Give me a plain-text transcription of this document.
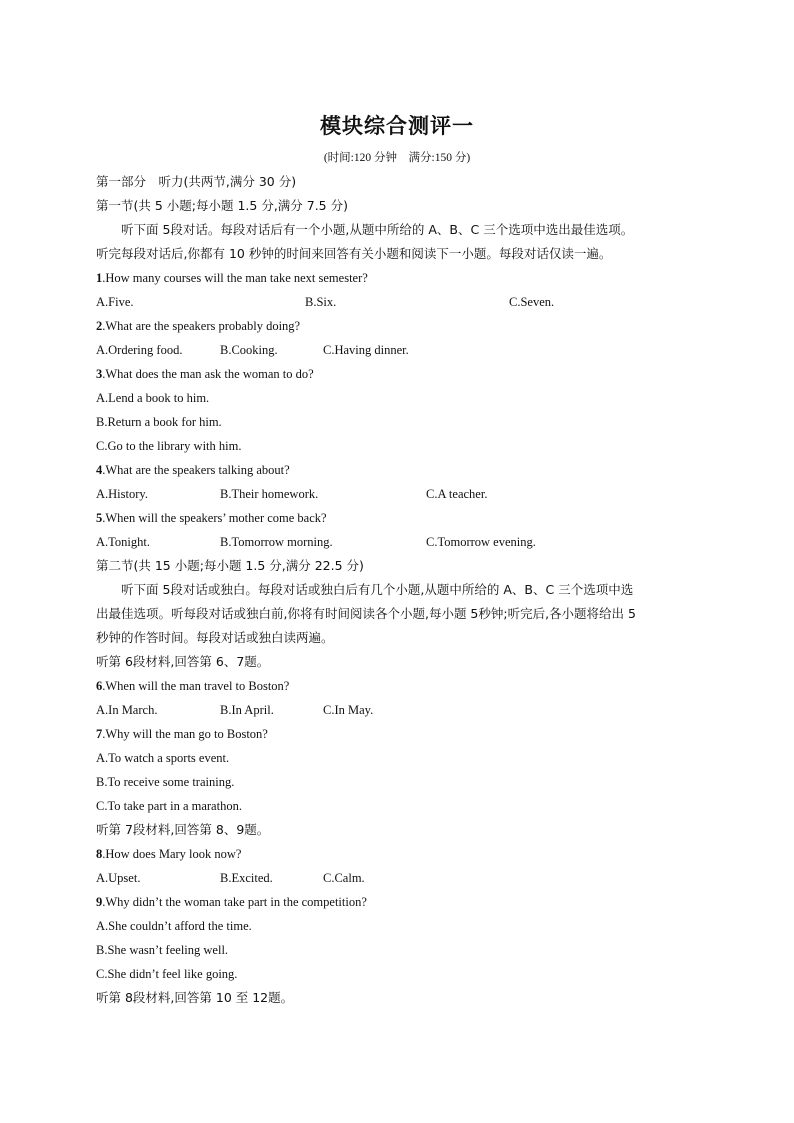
模块综合测评一
(时间:120 分钟　满分:150 分)
第一部分　听力(共两节,满分 30 分)
第一节(共 5 小题;每小题 1.5 分,满分 7.5 分)
　　听下面 5段对话。每段对话后有一个小题,从题中所给的 A、B、C 三个选项中选出最佳选项。
听完每段对话后,你都有 10 秒钟的时间来回答有关小题和阅读下一小题。每段对话仅读一遍。
1.How many courses will the man take next semester?
A.Five.	B.Six.	C.Seven.
2.What are the speakers probably doing?
A.Ordering food.	B.Cooking.	C.Having dinner.
3.What does the man ask the woman to do?
A.Lend a book to him.
B.Return a book for him.
C.Go to the library with him.
4.What are the speakers talking about?
A.History.	B.Their homework.	C.A teacher.
5.When will the speakers’ mother come back?
A.Tonight.	B.Tomorrow morning.	C.Tomorrow evening.
第二节(共 15 小题;每小题 1.5 分,满分 22.5 分)
　　听下面 5段对话或独白。每段对话或独白后有几个小题,从题中所给的 A、B、C 三个选项中选
出最佳选项。听每段对话或独白前,你将有时间阅读各个小题,每小题 5秒钟;听完后,各小题将给出 5
秒钟的作答时间。每段对话或独白读两遍。
听第 6段材料,回答第 6、7题。
6.When will the man travel to Boston?
A.In March.	B.In April.	C.In May.
7.Why will the man go to Boston?
A.To watch a sports event.
B.To receive some training.
C.To take part in a marathon.
听第 7段材料,回答第 8、9题。
8.How does Mary look now?
A.Upset.	B.Excited.	C.Calm.
9.Why didn’t the woman take part in the competition?
A.She couldn’t afford the time.
B.She wasn’t feeling well.
C.She didn’t feel like going.
听第 8段材料,回答第 10 至 12题。
